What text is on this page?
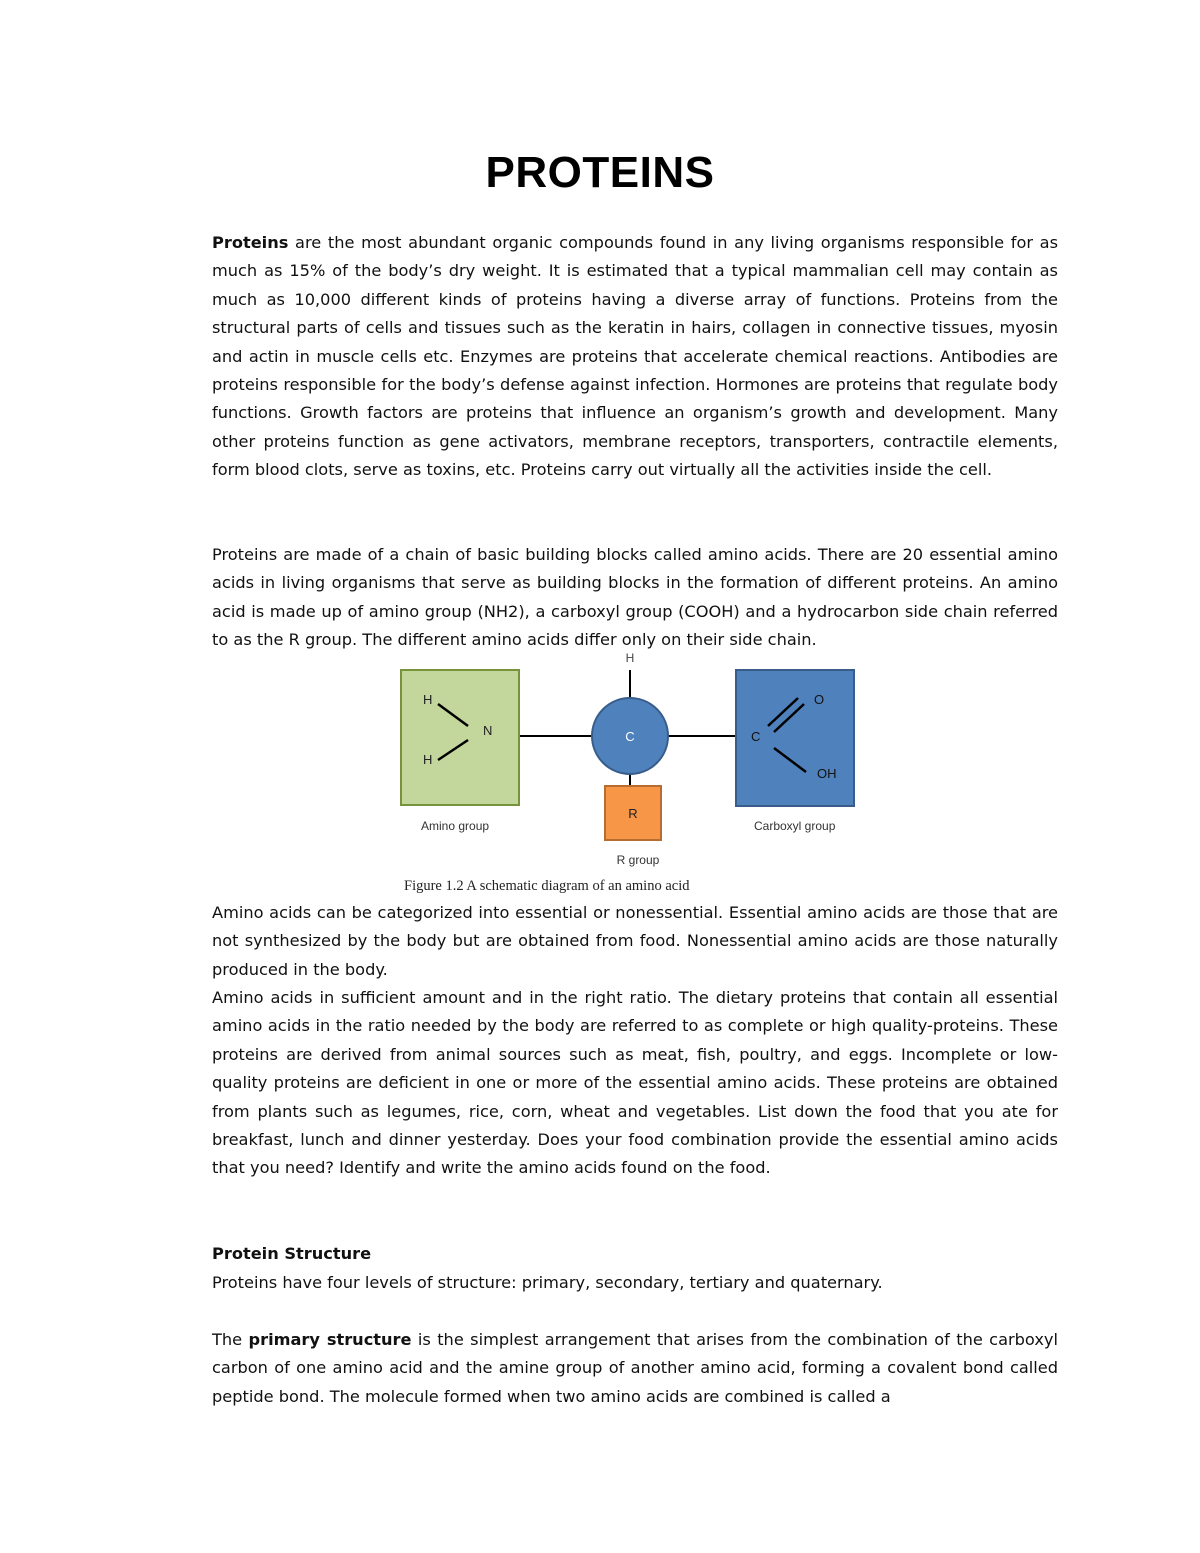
PROTEINS

Proteins are the most abundant organic compounds found in any living organisms responsible for as much as 15% of the body’s dry weight. It is estimated that a typical mammalian cell may contain as much as 10,000 different kinds of proteins having a diverse array of functions. Proteins from the structural parts of cells and tissues such as the keratin in hairs, collagen in connective tissues, myosin and actin in muscle cells etc. Enzymes are proteins that accelerate chemical reactions. Antibodies are proteins responsible for the body’s defense against infection. Hormones are proteins that regulate body functions. Growth factors are proteins that influence an organism’s growth and development. Many other proteins function as gene activators, membrane receptors, transporters, contractile elements, form blood clots, serve as toxins, etc. Proteins carry out virtually all the activities inside the cell.

Proteins are made of a chain of basic building blocks called amino acids. There are 20 essential amino acids in living organisms that serve as building blocks in the formation of different proteins. An amino acid is made up of amino group (NH2), a carboxyl group (COOH) and a hydrocarbon side chain referred to as the R group. The different amino acids differ only on their side chain.

H
H
N	C
H
R
C
O
OH
Amino group	Carboxyl group
R group
Figure 1.2 A schematic diagram of an amino acid

Amino acids can be categorized into essential or nonessential. Essential amino acids are those that are not synthesized by the body but are obtained from food. Nonessential amino acids are those naturally produced in the body.

Amino acids in sufficient amount and in the right ratio. The dietary proteins that contain all essential amino acids in the ratio needed by the body are referred to as complete or high quality-proteins. These proteins are derived from animal sources such as meat, fish, poultry, and eggs. Incomplete or low-quality proteins are deficient in one or more of the essential amino acids. These proteins are obtained from plants such as legumes, rice, corn, wheat and vegetables. List down the food that you ate for breakfast, lunch and dinner yesterday. Does your food combination provide the essential amino acids that you need? Identify and write the amino acids found on the food.

Protein Structure

Proteins have four levels of structure: primary, secondary, tertiary and quaternary.

The primary structure is the simplest arrangement that arises from the combination of the carboxyl carbon of one amino acid and the amine group of another amino acid, forming a covalent bond called peptide bond. The molecule formed when two amino acids are combined is called a
